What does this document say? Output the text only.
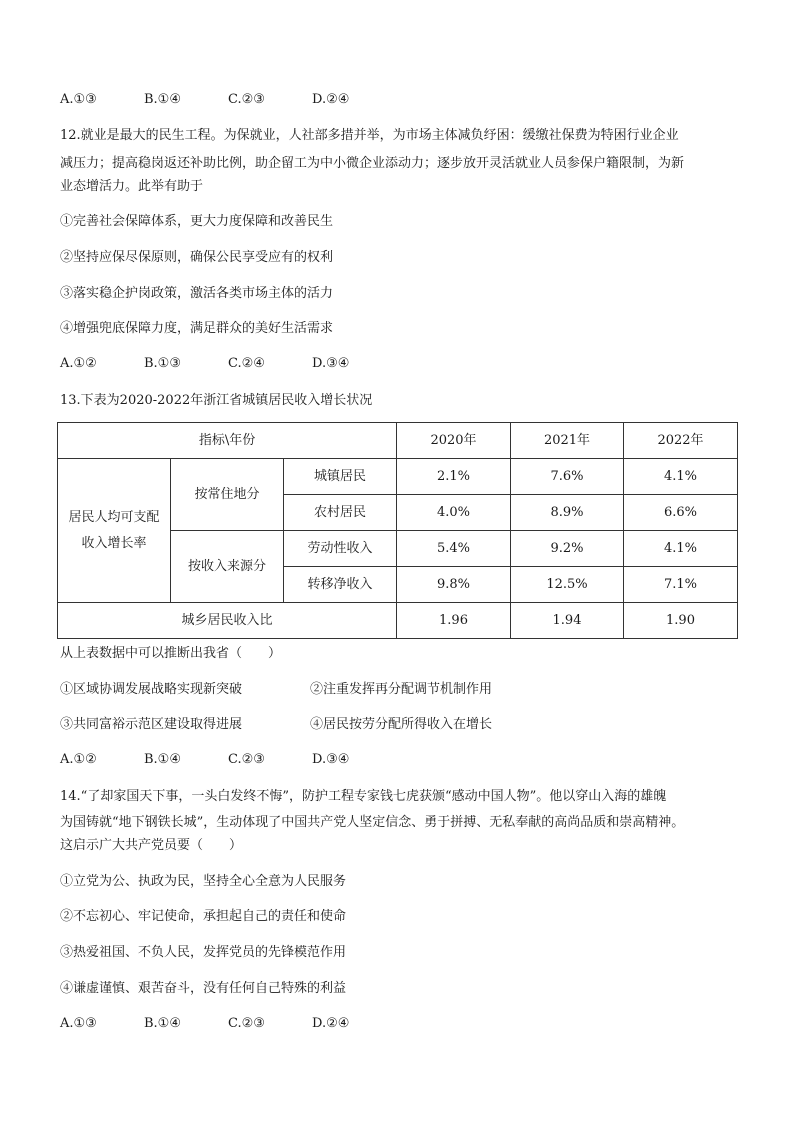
A.①③	B.①④	C.②③	D.②④
12.就业是最大的民生工程。为保就业，人社部多措并举，为市场主体减负纾困：缓缴社保费为特困行业企业
减压力；提高稳岗返还补助比例，助企留工为中小微企业添动力；逐步放开灵活就业人员参保户籍限制，为新
业态增活力。此举有助于
①完善社会保障体系，更大力度保障和改善民生
②坚持应保尽保原则，确保公民享受应有的权利
③落实稳企护岗政策，激活各类市场主体的活力
④增强兜底保障力度，满足群众的美好生活需求
A.①②	B.①③	C.②④	D.③④
13.下表为2020-2022年浙江省城镇居民收入增长状况
指标\年份			2020年	2021年	2022年

居民人均可支配
收入增长率	按常住地分	城镇居民	2.1%	7.6%	4.1%
		农村居民	4.0%	8.9%	6.6%
	按收入来源分	劳动性收入	5.4%	9.2%	4.1%
		转移净收入	9.8%	12.5%	7.1%
城乡居民收入比			1.96	1.94	1.90
从上表数据中可以推断出我省（　　）
①区域协调发展战略实现新突破	②注重发挥再分配调节机制作用
③共同富裕示范区建设取得进展	④居民按劳分配所得收入在增长
A.①②	B.①④	C.②③	D.③④
14.“了却家国天下事，一头白发终不悔”，防护工程专家钱七虎获颁“感动中国人物”。他以穿山入海的雄魄
为国铸就“地下钢铁长城”，生动体现了中国共产党人坚定信念、勇于拼搏、无私奉献的高尚品质和崇高精神。
这启示广大共产党员要（　　）
①立党为公、执政为民，坚持全心全意为人民服务
②不忘初心、牢记使命，承担起自己的责任和使命
③热爱祖国、不负人民，发挥党员的先锋模范作用
④谦虚谨慎、艰苦奋斗，没有任何自己特殊的利益
A.①③	B.①④	C.②③	D.②④
